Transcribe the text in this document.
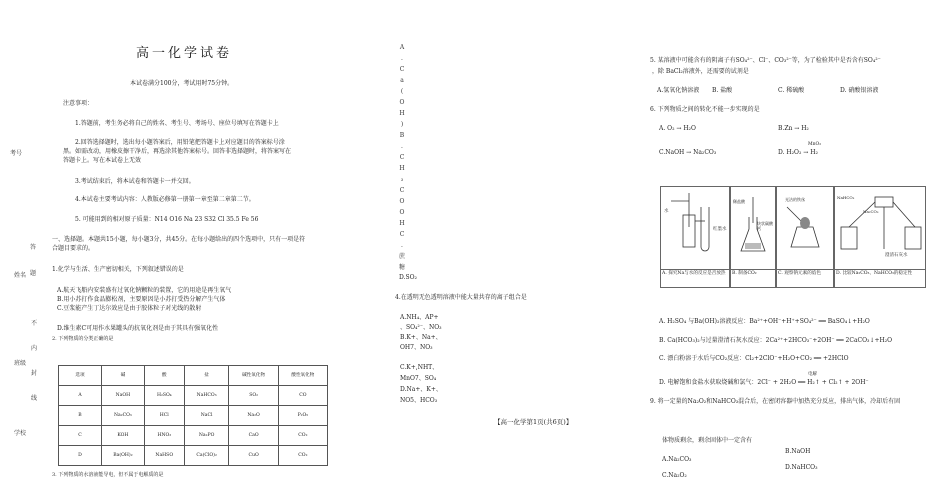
考号
答
姓名 题
班级
封
内
线
不
学校
高一化学试卷
本试卷满分100分，考试用时75分钟。
注意事项：
1.答题前，考生务必将自己的姓名、考生号、考场号、座位号填写在答题卡上
2.回答选择题时，选出每小题答案后，用铅笔把答题卡上对应题目的答案标号涂
黑。如需改动，用橡皮擦干净后，再选涂其他答案标号。回答非选择题时，将答案写在
答题卡上。写在本试卷上无效
3.考试结束后，将本试卷和答题卡一并交回。
4.本试卷主要考试内容：人教版必修第一册第一章至第二章第二节。
5. 可能用到的相对原子质量：N14 O16 Na 23 S32 Cl 35.5 Fe 56
一、选择题。本题共15小题，每小题3分，共45分。在每小题给出的四个选项中，只有一项是符
合题目要求的。
1.化学与生活、生产密切相关，下列叙述错误的是
A.航天飞船内安装盛有过氧化钠颗粒的装置，它的用途是再生氧气
B.用小苏打作食品膨松剂，主要原因是小苏打受热分解产生气体
C.豆浆能产生丁达尔效应是由于胶体粒子对光线的散射
D.维生素C可用作水果罐头的抗氧化剂是由于其具有强氧化性
2. 下列物质的分类正确的是
选项	碱	酸	盐	碱性氧化物	酸性氧化物
A	NaOH	H₂SO₄	NaHCO₃	SO₂	CO
B	Na₂CO₃	HCl	NaCl	Na₂O	P₂O₅
C	KOH	HNO₃	Na₂PO	CaO	CO₂
D	Ba(OH)₂	NaHSO	Ca(ClO)₂	CuO	CO₂
3. 下列物质的水溶液能导电，但不属于电解质的是
A
.
C
a
(
O
H
)
B
.
C
H
₃
C
O
O
H
C
.
蔗
糖
D.SO₂
4.在透明无色透明溶液中能大量共存的离子组合是
A.NH₄、AP+
、SO₄²⁻、NO₃
B.K+、Na+、
OH7、NO₃
C.K+,NHT、
MnO7、SO₄
D.Na+、K+、
NO5、HCO₃
【高一化学第1页(共6页)】
5. 某溶液中可能含有的阴离子有SO₄²⁻、Cl⁻、CO₃²⁻等，为了检验其中是否含有SO₄²⁻
，除 BaCl₂溶液外，还需要的试剂是
A.氢氧化钠溶液 B. 盐酸	C. 稀硫酸	D. 硝酸银溶液
6. 下列物质之间的转化不能一步实现的是
A. O₂ → H₂O	B.Zn → H₂
C.NaOH → Na₂CO₃	D. H₂O₂ → H₂
MnO₂
水
红墨水
A. 探究Na与水的反应是否放热
稀盐酸
块状碳酸钙
B. 制备CO₂
光洁的铁丝
C. 观察钠元素的焰色
NaHCO₃
Na₂CO₃
澄清石灰水
D. 比较Na₂CO₃、NaHCO₃的稳定性
A. H₂SO₄ 与Ba(OH)₂溶液反应：Ba²⁺+OH⁻+H⁺+SO₄²⁻ ══ BaSO₄↓+H₂O
B. Ca(HCO₃)₂与过量澄清石灰水反应：2Ca²⁺+2HCO₃⁻+2OH⁻ ══ 2CaCO₃↓+H₂O
C. 漂白粉溶于水后与CO₂反应：Cl₂+2ClO⁻+H₂O+CO₂ ══ +2HClO
D. 电解饱和食盐水获取烧碱和氯气：2Cl⁻ + 2H₂O ══ H₂↑ + Cl₂↑ + 2OH⁻
电解
9. 将一定量的Na₂O₂和NaHCO₃混合后，在密闭容器中加热充分反应，排出气体，冷却后有固
体物质剩余，剩余固体中一定含有
A.Na₂CO₃
B.NaOH
C.Na₂O₂
D.NaHCO₃
